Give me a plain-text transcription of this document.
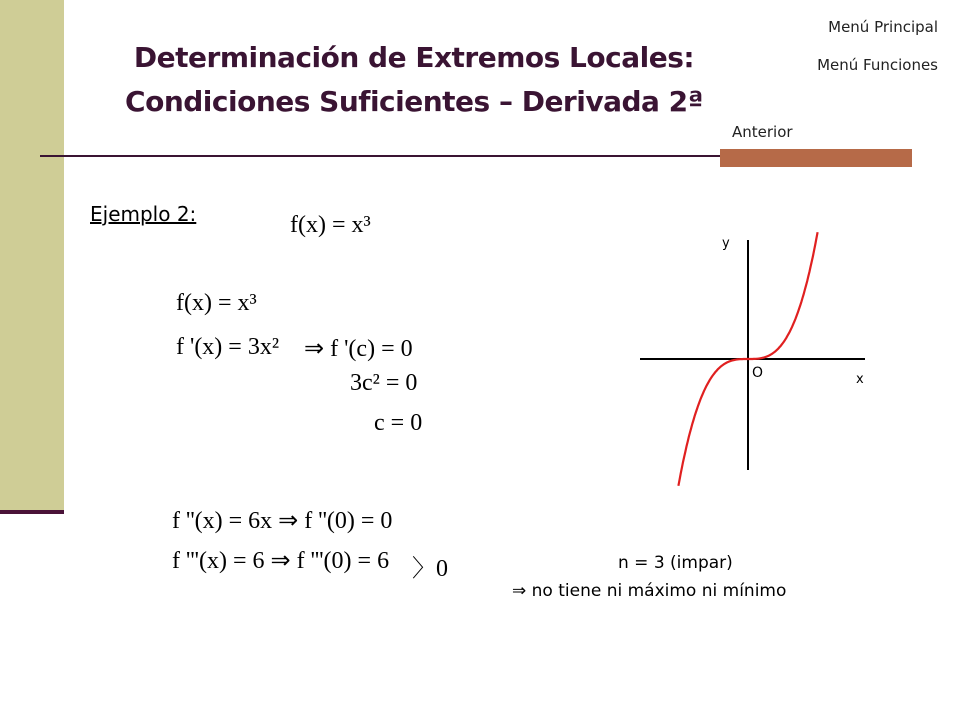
Determinación de Extremos Locales:
Condiciones Suficientes – Derivada 2ª
Menú Principal
Menú Funciones
Anterior
Ejemplo 2:	f(x) = x³
f(x) = x³
f '(x) = 3x² ⇒ f '(c) = 0
3c² = 0
c = 0
f ''(x) = 6x ⇒ f ''(0) = 0
f '''(x) = 6 ⇒ f '''(0) = 6 〉0
y
x
O
n = 3 (impar)
⇒ no tiene ni máximo ni mínimo
